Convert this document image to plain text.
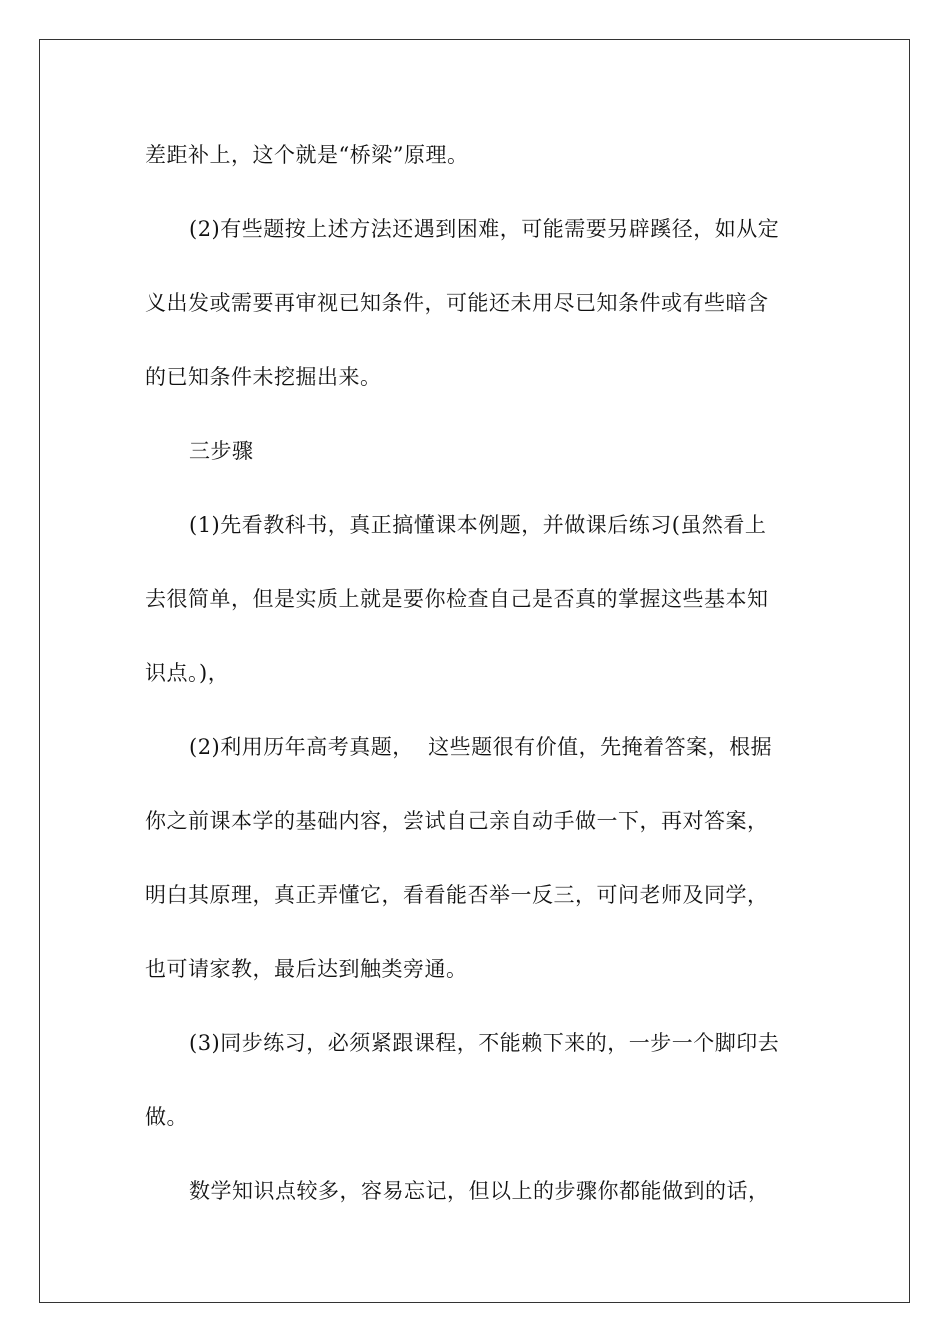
差距补上，这个就是“桥梁”原理。
(2)有些题按上述方法还遇到困难，可能需要另辟蹊径，如从定
义出发或需要再审视已知条件，可能还未用尽已知条件或有些暗含
的已知条件未挖掘出来。
三步骤
(1)先看教科书，真正搞懂课本例题，并做课后练习(虽然看上
去很简单，但是实质上就是要你检查自己是否真的掌握这些基本知
识点。)，
(2)利用历年高考真题，  这些题很有价值，先掩着答案，根据
你之前课本学的基础内容，尝试自己亲自动手做一下，再对答案，
明白其原理，真正弄懂它，看看能否举一反三，可问老师及同学，
也可请家教，最后达到触类旁通。
(3)同步练习，必须紧跟课程，不能赖下来的，一步一个脚印去
做。
数学知识点较多，容易忘记，但以上的步骤你都能做到的话，
